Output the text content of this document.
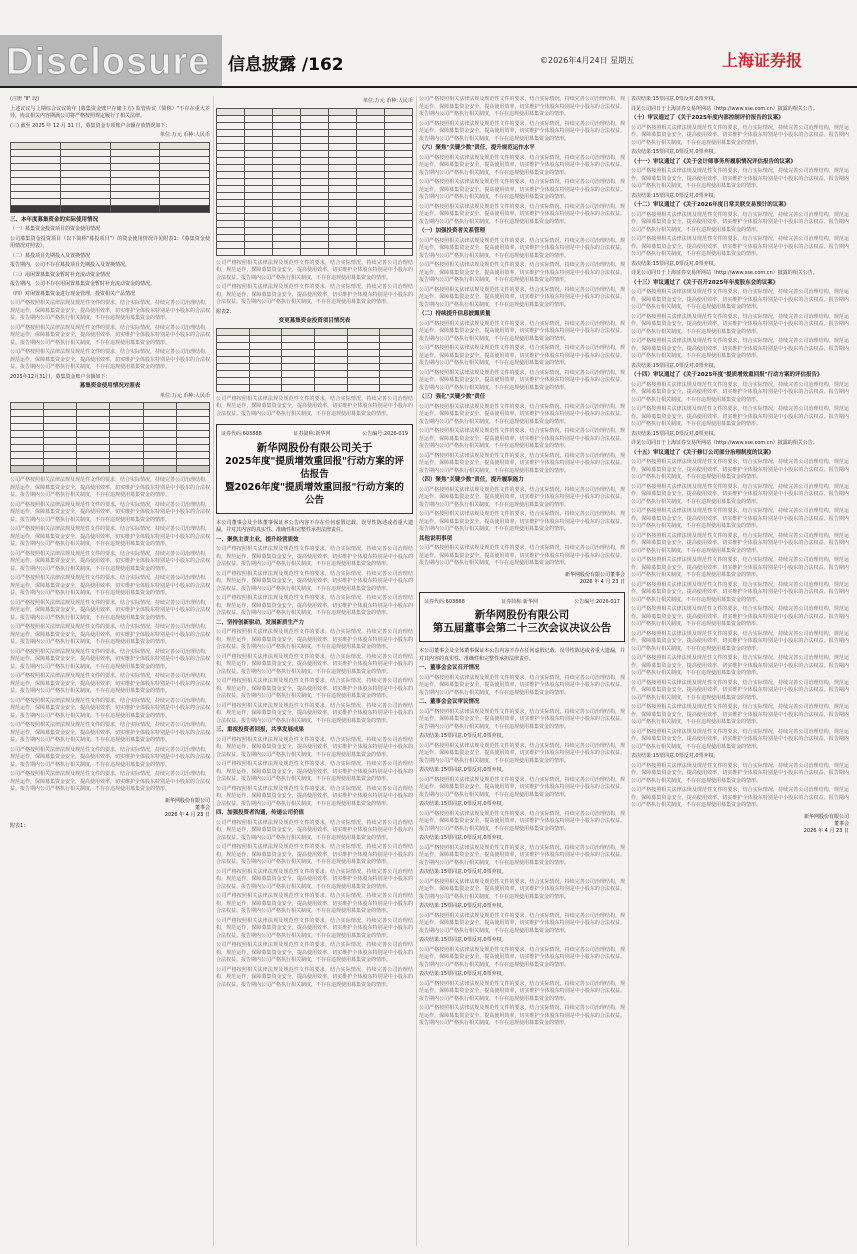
Disclosure 信息披露 /162	©2026年4月24日 星期五	上海证券报
(注册 "Ⅱ" 段)
上述议议与上期综合议议的年 (募集资金账户存储主方) 监管协议（简称）"不存在重大差异，协议相关内容期满公司将严格按照规定履行了相关法律。
(三) 截至 2025 年 12 月 31 日，募集资金专项账户余额存放情况如下:
单位:万元 币种:人民币

三、本年度募集资金的实际使用情况
（一）募集资金投资项目的资金使用情况
公司募集资金投资项目（以下简称"募投项目"）的资金使用情况详见附表1：《募集资金使用情况对照表》。
（二）募投项目先期投入及置换情况
报告期内，公司不存在募投项目先期投入及置换情况。
（三）用闲置募集资金暂时补充流动资金情况
报告期内，公司不存在用闲置募集资金暂时补充流动资金的情况。
（四）对闲置募集资金进行现金管理，投资相关产品情况
公司严格按照相关法律法规及规范性文件的要求，结合实际情况，持续完善公司治理结构，规范运作，保障募集资金安全，提高使用效率，切实维护全体股东特别是中小股东的合法权益。报告期内公司严格执行相关制度，不存在违规使用募集资金的情形。
公司严格按照相关法律法规及规范性文件的要求，结合实际情况，持续完善公司治理结构，规范运作，保障募集资金安全，提高使用效率，切实维护全体股东特别是中小股东的合法权益。报告期内公司严格执行相关制度，不存在违规使用募集资金的情形。
公司严格按照相关法律法规及规范性文件的要求，结合实际情况，持续完善公司治理结构，规范运作，保障募集资金安全，提高使用效率，切实维护全体股东特别是中小股东的合法权益。报告期内公司严格执行相关制度，不存在违规使用募集资金的情形。
2025年12月31日，募集资金账户余额如下：
募集资金使用情况对照表
单位:万元 币种:人民币

公司严格按照相关法律法规及规范性文件的要求，结合实际情况，持续完善公司治理结构，规范运作，保障募集资金安全，提高使用效率，切实维护全体股东特别是中小股东的合法权益。报告期内公司严格执行相关制度，不存在违规使用募集资金的情形。
公司严格按照相关法律法规及规范性文件的要求，结合实际情况，持续完善公司治理结构，规范运作，保障募集资金安全，提高使用效率，切实维护全体股东特别是中小股东的合法权益。报告期内公司严格执行相关制度，不存在违规使用募集资金的情形。
公司严格按照相关法律法规及规范性文件的要求，结合实际情况，持续完善公司治理结构，规范运作，保障募集资金安全，提高使用效率，切实维护全体股东特别是中小股东的合法权益。报告期内公司严格执行相关制度，不存在违规使用募集资金的情形。
公司严格按照相关法律法规及规范性文件的要求，结合实际情况，持续完善公司治理结构，规范运作，保障募集资金安全，提高使用效率，切实维护全体股东特别是中小股东的合法权益。报告期内公司严格执行相关制度，不存在违规使用募集资金的情形。
公司严格按照相关法律法规及规范性文件的要求，结合实际情况，持续完善公司治理结构，规范运作，保障募集资金安全，提高使用效率，切实维护全体股东特别是中小股东的合法权益。报告期内公司严格执行相关制度，不存在违规使用募集资金的情形。
公司严格按照相关法律法规及规范性文件的要求，结合实际情况，持续完善公司治理结构，规范运作，保障募集资金安全，提高使用效率，切实维护全体股东特别是中小股东的合法权益。报告期内公司严格执行相关制度，不存在违规使用募集资金的情形。
公司严格按照相关法律法规及规范性文件的要求，结合实际情况，持续完善公司治理结构，规范运作，保障募集资金安全，提高使用效率，切实维护全体股东特别是中小股东的合法权益。报告期内公司严格执行相关制度，不存在违规使用募集资金的情形。
公司严格按照相关法律法规及规范性文件的要求，结合实际情况，持续完善公司治理结构，规范运作，保障募集资金安全，提高使用效率，切实维护全体股东特别是中小股东的合法权益。报告期内公司严格执行相关制度，不存在违规使用募集资金的情形。
公司严格按照相关法律法规及规范性文件的要求，结合实际情况，持续完善公司治理结构，规范运作，保障募集资金安全，提高使用效率，切实维护全体股东特别是中小股东的合法权益。报告期内公司严格执行相关制度，不存在违规使用募集资金的情形。
公司严格按照相关法律法规及规范性文件的要求，结合实际情况，持续完善公司治理结构，规范运作，保障募集资金安全，提高使用效率，切实维护全体股东特别是中小股东的合法权益。报告期内公司严格执行相关制度，不存在违规使用募集资金的情形。
公司严格按照相关法律法规及规范性文件的要求，结合实际情况，持续完善公司治理结构，规范运作，保障募集资金安全，提高使用效率，切实维护全体股东特别是中小股东的合法权益。报告期内公司严格执行相关制度，不存在违规使用募集资金的情形。
公司严格按照相关法律法规及规范性文件的要求，结合实际情况，持续完善公司治理结构，规范运作，保障募集资金安全，提高使用效率，切实维护全体股东特别是中小股东的合法权益。报告期内公司严格执行相关制度，不存在违规使用募集资金的情形。
公司严格按照相关法律法规及规范性文件的要求，结合实际情况，持续完善公司治理结构，规范运作，保障募集资金安全，提高使用效率，切实维护全体股东特别是中小股东的合法权益。报告期内公司严格执行相关制度，不存在违规使用募集资金的情形。
新华网股份有限公司
董事会
2026 年 4 月 23 日
附表1：
单位:万元 币种:人民币

公司严格按照相关法律法规及规范性文件的要求，结合实际情况，持续完善公司治理结构，规范运作，保障募集资金安全，提高使用效率，切实维护全体股东特别是中小股东的合法权益。报告期内公司严格执行相关制度，不存在违规使用募集资金的情形。
公司严格按照相关法律法规及规范性文件的要求，结合实际情况，持续完善公司治理结构，规范运作，保障募集资金安全，提高使用效率，切实维护全体股东特别是中小股东的合法权益。报告期内公司严格执行相关制度，不存在违规使用募集资金的情形。
附表2：
变更募集资金投资项目情况表

公司严格按照相关法律法规及规范性文件的要求，结合实际情况，持续完善公司治理结构，规范运作，保障募集资金安全，提高使用效率，切实维护全体股东特别是中小股东的合法权益。报告期内公司严格执行相关制度，不存在违规使用募集资金的情形。
证券代码:603888	证券简称:新华网	公告编号:2026-019
新华网股份有限公司关于
2025年度"提质增效重回报"行动方案的评估报告
暨2026年度"提质增效重回报"行动方案的公告
本公司董事会及全体董事保证本公告内容不存在任何虚假记载、误导性陈述或者重大遗漏，并对其内容的真实性、准确性和完整性承担法律责任。
一、聚焦主责主业，提升经营质效
公司严格按照相关法律法规及规范性文件的要求，结合实际情况，持续完善公司治理结构，规范运作，保障募集资金安全，提高使用效率，切实维护全体股东特别是中小股东的合法权益。报告期内公司严格执行相关制度，不存在违规使用募集资金的情形。
公司严格按照相关法律法规及规范性文件的要求，结合实际情况，持续完善公司治理结构，规范运作，保障募集资金安全，提高使用效率，切实维护全体股东特别是中小股东的合法权益。报告期内公司严格执行相关制度，不存在违规使用募集资金的情形。
公司严格按照相关法律法规及规范性文件的要求，结合实际情况，持续完善公司治理结构，规范运作，保障募集资金安全，提高使用效率，切实维护全体股东特别是中小股东的合法权益。报告期内公司严格执行相关制度，不存在违规使用募集资金的情形。
二、坚持创新驱动，发展新质生产力
公司严格按照相关法律法规及规范性文件的要求，结合实际情况，持续完善公司治理结构，规范运作，保障募集资金安全，提高使用效率，切实维护全体股东特别是中小股东的合法权益。报告期内公司严格执行相关制度，不存在违规使用募集资金的情形。
公司严格按照相关法律法规及规范性文件的要求，结合实际情况，持续完善公司治理结构，规范运作，保障募集资金安全，提高使用效率，切实维护全体股东特别是中小股东的合法权益。报告期内公司严格执行相关制度，不存在违规使用募集资金的情形。
公司严格按照相关法律法规及规范性文件的要求，结合实际情况，持续完善公司治理结构，规范运作，保障募集资金安全，提高使用效率，切实维护全体股东特别是中小股东的合法权益。报告期内公司严格执行相关制度，不存在违规使用募集资金的情形。
公司严格按照相关法律法规及规范性文件的要求，结合实际情况，持续完善公司治理结构，规范运作，保障募集资金安全，提高使用效率，切实维护全体股东特别是中小股东的合法权益。报告期内公司严格执行相关制度，不存在违规使用募集资金的情形。
三、重视投资者回报，共享发展成果
公司严格按照相关法律法规及规范性文件的要求，结合实际情况，持续完善公司治理结构，规范运作，保障募集资金安全，提高使用效率，切实维护全体股东特别是中小股东的合法权益。报告期内公司严格执行相关制度，不存在违规使用募集资金的情形。
公司严格按照相关法律法规及规范性文件的要求，结合实际情况，持续完善公司治理结构，规范运作，保障募集资金安全，提高使用效率，切实维护全体股东特别是中小股东的合法权益。报告期内公司严格执行相关制度，不存在违规使用募集资金的情形。
公司严格按照相关法律法规及规范性文件的要求，结合实际情况，持续完善公司治理结构，规范运作，保障募集资金安全，提高使用效率，切实维护全体股东特别是中小股东的合法权益。报告期内公司严格执行相关制度，不存在违规使用募集资金的情形。
四、加强投资者沟通，传递公司价值
公司严格按照相关法律法规及规范性文件的要求，结合实际情况，持续完善公司治理结构，规范运作，保障募集资金安全，提高使用效率，切实维护全体股东特别是中小股东的合法权益。报告期内公司严格执行相关制度，不存在违规使用募集资金的情形。
公司严格按照相关法律法规及规范性文件的要求，结合实际情况，持续完善公司治理结构，规范运作，保障募集资金安全，提高使用效率，切实维护全体股东特别是中小股东的合法权益。报告期内公司严格执行相关制度，不存在违规使用募集资金的情形。
公司严格按照相关法律法规及规范性文件的要求，结合实际情况，持续完善公司治理结构，规范运作，保障募集资金安全，提高使用效率，切实维护全体股东特别是中小股东的合法权益。报告期内公司严格执行相关制度，不存在违规使用募集资金的情形。
公司严格按照相关法律法规及规范性文件的要求，结合实际情况，持续完善公司治理结构，规范运作，保障募集资金安全，提高使用效率，切实维护全体股东特别是中小股东的合法权益。报告期内公司严格执行相关制度，不存在违规使用募集资金的情形。
公司严格按照相关法律法规及规范性文件的要求，结合实际情况，持续完善公司治理结构，规范运作，保障募集资金安全，提高使用效率，切实维护全体股东特别是中小股东的合法权益。报告期内公司严格执行相关制度，不存在违规使用募集资金的情形。
公司严格按照相关法律法规及规范性文件的要求，结合实际情况，持续完善公司治理结构，规范运作，保障募集资金安全，提高使用效率，切实维护全体股东特别是中小股东的合法权益。报告期内公司严格执行相关制度，不存在违规使用募集资金的情形。
公司严格按照相关法律法规及规范性文件的要求，结合实际情况，持续完善公司治理结构，规范运作，保障募集资金安全，提高使用效率，切实维护全体股东特别是中小股东的合法权益。报告期内公司严格执行相关制度，不存在违规使用募集资金的情形。
公司严格按照相关法律法规及规范性文件的要求，结合实际情况，持续完善公司治理结构，规范运作，保障募集资金安全，提高使用效率，切实维护全体股东特别是中小股东的合法权益。报告期内公司严格执行相关制度，不存在违规使用募集资金的情形。
公司严格按照相关法律法规及规范性文件的要求，结合实际情况，持续完善公司治理结构，规范运作，保障募集资金安全，提高使用效率，切实维护全体股东特别是中小股东的合法权益。报告期内公司严格执行相关制度，不存在违规使用募集资金的情形。
（六）聚焦"关键少数"责任，提升规范运作水平
公司严格按照相关法律法规及规范性文件的要求，结合实际情况，持续完善公司治理结构，规范运作，保障募集资金安全，提高使用效率，切实维护全体股东特别是中小股东的合法权益。报告期内公司严格执行相关制度，不存在违规使用募集资金的情形。
公司严格按照相关法律法规及规范性文件的要求，结合实际情况，持续完善公司治理结构，规范运作，保障募集资金安全，提高使用效率，切实维护全体股东特别是中小股东的合法权益。报告期内公司严格执行相关制度，不存在违规使用募集资金的情形。
公司严格按照相关法律法规及规范性文件的要求，结合实际情况，持续完善公司治理结构，规范运作，保障募集资金安全，提高使用效率，切实维护全体股东特别是中小股东的合法权益。报告期内公司严格执行相关制度，不存在违规使用募集资金的情形。
（一）加强投资者关系管理
公司严格按照相关法律法规及规范性文件的要求，结合实际情况，持续完善公司治理结构，规范运作，保障募集资金安全，提高使用效率，切实维护全体股东特别是中小股东的合法权益。报告期内公司严格执行相关制度，不存在违规使用募集资金的情形。
公司严格按照相关法律法规及规范性文件的要求，结合实际情况，持续完善公司治理结构，规范运作，保障募集资金安全，提高使用效率，切实维护全体股东特别是中小股东的合法权益。报告期内公司严格执行相关制度，不存在违规使用募集资金的情形。
公司严格按照相关法律法规及规范性文件的要求，结合实际情况，持续完善公司治理结构，规范运作，保障募集资金安全，提高使用效率，切实维护全体股东特别是中小股东的合法权益。报告期内公司严格执行相关制度，不存在违规使用募集资金的情形。
（二）持续提升信息披露质量
公司严格按照相关法律法规及规范性文件的要求，结合实际情况，持续完善公司治理结构，规范运作，保障募集资金安全，提高使用效率，切实维护全体股东特别是中小股东的合法权益。报告期内公司严格执行相关制度，不存在违规使用募集资金的情形。
公司严格按照相关法律法规及规范性文件的要求，结合实际情况，持续完善公司治理结构，规范运作，保障募集资金安全，提高使用效率，切实维护全体股东特别是中小股东的合法权益。报告期内公司严格执行相关制度，不存在违规使用募集资金的情形。
公司严格按照相关法律法规及规范性文件的要求，结合实际情况，持续完善公司治理结构，规范运作，保障募集资金安全，提高使用效率，切实维护全体股东特别是中小股东的合法权益。报告期内公司严格执行相关制度，不存在违规使用募集资金的情形。
（三）强化"关键少数"责任
公司严格按照相关法律法规及规范性文件的要求，结合实际情况，持续完善公司治理结构，规范运作，保障募集资金安全，提高使用效率，切实维护全体股东特别是中小股东的合法权益。报告期内公司严格执行相关制度，不存在违规使用募集资金的情形。
公司严格按照相关法律法规及规范性文件的要求，结合实际情况，持续完善公司治理结构，规范运作，保障募集资金安全，提高使用效率，切实维护全体股东特别是中小股东的合法权益。报告期内公司严格执行相关制度，不存在违规使用募集资金的情形。
公司严格按照相关法律法规及规范性文件的要求，结合实际情况，持续完善公司治理结构，规范运作，保障募集资金安全，提高使用效率，切实维护全体股东特别是中小股东的合法权益。报告期内公司严格执行相关制度，不存在违规使用募集资金的情形。
（四）聚焦"关键少数"责任，提升履职能力
公司严格按照相关法律法规及规范性文件的要求，结合实际情况，持续完善公司治理结构，规范运作，保障募集资金安全，提高使用效率，切实维护全体股东特别是中小股东的合法权益。报告期内公司严格执行相关制度，不存在违规使用募集资金的情形。
公司严格按照相关法律法规及规范性文件的要求，结合实际情况，持续完善公司治理结构，规范运作，保障募集资金安全，提高使用效率，切实维护全体股东特别是中小股东的合法权益。报告期内公司严格执行相关制度，不存在违规使用募集资金的情形。
其他说明事项
公司严格按照相关法律法规及规范性文件的要求，结合实际情况，持续完善公司治理结构，规范运作，保障募集资金安全，提高使用效率，切实维护全体股东特别是中小股东的合法权益。报告期内公司严格执行相关制度，不存在违规使用募集资金的情形。
新华网股份有限公司董事会
2026 年 4 月 23 日
证券代码:603888	证券简称:新华网	公告编号:2026-017
新华网股份有限公司
第五届董事会第二十三次会议决议公告
本公司董事会及全体董事保证本公告内容不存在任何虚假记载、误导性陈述或者重大遗漏，并对其内容的真实性、准确性和完整性承担法律责任。
一、董事会会议召开情况
公司严格按照相关法律法规及规范性文件的要求，结合实际情况，持续完善公司治理结构，规范运作，保障募集资金安全，提高使用效率，切实维护全体股东特别是中小股东的合法权益。报告期内公司严格执行相关制度，不存在违规使用募集资金的情形。
二、董事会会议审议情况
公司严格按照相关法律法规及规范性文件的要求，结合实际情况，持续完善公司治理结构，规范运作，保障募集资金安全，提高使用效率，切实维护全体股东特别是中小股东的合法权益。报告期内公司严格执行相关制度，不存在违规使用募集资金的情形。
表决结果:15票同意,0票反对,0票弃权。
公司严格按照相关法律法规及规范性文件的要求，结合实际情况，持续完善公司治理结构，规范运作，保障募集资金安全，提高使用效率，切实维护全体股东特别是中小股东的合法权益。报告期内公司严格执行相关制度，不存在违规使用募集资金的情形。
表决结果:15票同意,0票反对,0票弃权。
公司严格按照相关法律法规及规范性文件的要求，结合实际情况，持续完善公司治理结构，规范运作，保障募集资金安全，提高使用效率，切实维护全体股东特别是中小股东的合法权益。报告期内公司严格执行相关制度，不存在违规使用募集资金的情形。
表决结果:15票同意,0票反对,0票弃权。
公司严格按照相关法律法规及规范性文件的要求，结合实际情况，持续完善公司治理结构，规范运作，保障募集资金安全，提高使用效率，切实维护全体股东特别是中小股东的合法权益。报告期内公司严格执行相关制度，不存在违规使用募集资金的情形。
表决结果:15票同意,0票反对,0票弃权。
公司严格按照相关法律法规及规范性文件的要求，结合实际情况，持续完善公司治理结构，规范运作，保障募集资金安全，提高使用效率，切实维护全体股东特别是中小股东的合法权益。报告期内公司严格执行相关制度，不存在违规使用募集资金的情形。
表决结果:15票同意,0票反对,0票弃权。
公司严格按照相关法律法规及规范性文件的要求，结合实际情况，持续完善公司治理结构，规范运作，保障募集资金安全，提高使用效率，切实维护全体股东特别是中小股东的合法权益。报告期内公司严格执行相关制度，不存在违规使用募集资金的情形。
表决结果:15票同意,0票反对,0票弃权。
公司严格按照相关法律法规及规范性文件的要求，结合实际情况，持续完善公司治理结构，规范运作，保障募集资金安全，提高使用效率，切实维护全体股东特别是中小股东的合法权益。报告期内公司严格执行相关制度，不存在违规使用募集资金的情形。
表决结果:15票同意,0票反对,0票弃权。
公司严格按照相关法律法规及规范性文件的要求，结合实际情况，持续完善公司治理结构，规范运作，保障募集资金安全，提高使用效率，切实维护全体股东特别是中小股东的合法权益。报告期内公司严格执行相关制度，不存在违规使用募集资金的情形。
表决结果:15票同意,0票反对,0票弃权。
公司严格按照相关法律法规及规范性文件的要求，结合实际情况，持续完善公司治理结构，规范运作，保障募集资金安全，提高使用效率，切实维护全体股东特别是中小股东的合法权益。报告期内公司严格执行相关制度，不存在违规使用募集资金的情形。
公司严格按照相关法律法规及规范性文件的要求，结合实际情况，持续完善公司治理结构，规范运作，保障募集资金安全，提高使用效率，切实维护全体股东特别是中小股东的合法权益。报告期内公司严格执行相关制度，不存在违规使用募集资金的情形。
表决结果:15票同意,0票反对,0票弃权。
详见公司同日于上海证券交易所网站（http://www.sse.com.cn）披露的相关公告。
（十）审议通过了《关于2025年度内部控制评价报告的议案》
公司严格按照相关法律法规及规范性文件的要求，结合实际情况，持续完善公司治理结构，规范运作，保障募集资金安全，提高使用效率，切实维护全体股东特别是中小股东的合法权益。报告期内公司严格执行相关制度，不存在违规使用募集资金的情形。
表决结果:15票同意,0票反对,0票弃权。
（十一）审议通过了《关于会计师事务所履职情况评估报告的议案》
公司严格按照相关法律法规及规范性文件的要求，结合实际情况，持续完善公司治理结构，规范运作，保障募集资金安全，提高使用效率，切实维护全体股东特别是中小股东的合法权益。报告期内公司严格执行相关制度，不存在违规使用募集资金的情形。
表决结果:15票同意,0票反对,0票弃权。
（十二）审议通过了《关于2026年度日常关联交易预计的议案》
公司严格按照相关法律法规及规范性文件的要求，结合实际情况，持续完善公司治理结构，规范运作，保障募集资金安全，提高使用效率，切实维护全体股东特别是中小股东的合法权益。报告期内公司严格执行相关制度，不存在违规使用募集资金的情形。
公司严格按照相关法律法规及规范性文件的要求，结合实际情况，持续完善公司治理结构，规范运作，保障募集资金安全，提高使用效率，切实维护全体股东特别是中小股东的合法权益。报告期内公司严格执行相关制度，不存在违规使用募集资金的情形。
表决结果:15票同意,0票反对,0票弃权。
详见公司同日于上海证券交易所网站（http://www.sse.com.cn）披露的相关公告。
（十三）审议通过了《关于召开2025年年度股东会的议案》
公司严格按照相关法律法规及规范性文件的要求，结合实际情况，持续完善公司治理结构，规范运作，保障募集资金安全，提高使用效率，切实维护全体股东特别是中小股东的合法权益。报告期内公司严格执行相关制度，不存在违规使用募集资金的情形。
公司严格按照相关法律法规及规范性文件的要求，结合实际情况，持续完善公司治理结构，规范运作，保障募集资金安全，提高使用效率，切实维护全体股东特别是中小股东的合法权益。报告期内公司严格执行相关制度，不存在违规使用募集资金的情形。
公司严格按照相关法律法规及规范性文件的要求，结合实际情况，持续完善公司治理结构，规范运作，保障募集资金安全，提高使用效率，切实维护全体股东特别是中小股东的合法权益。报告期内公司严格执行相关制度，不存在违规使用募集资金的情形。
表决结果:15票同意,0票反对,0票弃权。
（十四）审议通过了《关于2025年度"提质增效重回报"行动方案的评估报告》
公司严格按照相关法律法规及规范性文件的要求，结合实际情况，持续完善公司治理结构，规范运作，保障募集资金安全，提高使用效率，切实维护全体股东特别是中小股东的合法权益。报告期内公司严格执行相关制度，不存在违规使用募集资金的情形。
公司严格按照相关法律法规及规范性文件的要求，结合实际情况，持续完善公司治理结构，规范运作，保障募集资金安全，提高使用效率，切实维护全体股东特别是中小股东的合法权益。报告期内公司严格执行相关制度，不存在违规使用募集资金的情形。
表决结果:15票同意,0票反对,0票弃权。
详见公司同日于上海证券交易所网站（http://www.sse.com.cn）披露的相关公告。
（十五）审议通过了《关于修订公司部分治理制度的议案》
公司严格按照相关法律法规及规范性文件的要求，结合实际情况，持续完善公司治理结构，规范运作，保障募集资金安全，提高使用效率，切实维护全体股东特别是中小股东的合法权益。报告期内公司严格执行相关制度，不存在违规使用募集资金的情形。
公司严格按照相关法律法规及规范性文件的要求，结合实际情况，持续完善公司治理结构，规范运作，保障募集资金安全，提高使用效率，切实维护全体股东特别是中小股东的合法权益。报告期内公司严格执行相关制度，不存在违规使用募集资金的情形。
公司严格按照相关法律法规及规范性文件的要求，结合实际情况，持续完善公司治理结构，规范运作，保障募集资金安全，提高使用效率，切实维护全体股东特别是中小股东的合法权益。报告期内公司严格执行相关制度，不存在违规使用募集资金的情形。
公司严格按照相关法律法规及规范性文件的要求，结合实际情况，持续完善公司治理结构，规范运作，保障募集资金安全，提高使用效率，切实维护全体股东特别是中小股东的合法权益。报告期内公司严格执行相关制度，不存在违规使用募集资金的情形。
公司严格按照相关法律法规及规范性文件的要求，结合实际情况，持续完善公司治理结构，规范运作，保障募集资金安全，提高使用效率，切实维护全体股东特别是中小股东的合法权益。报告期内公司严格执行相关制度，不存在违规使用募集资金的情形。
公司严格按照相关法律法规及规范性文件的要求，结合实际情况，持续完善公司治理结构，规范运作，保障募集资金安全，提高使用效率，切实维护全体股东特别是中小股东的合法权益。报告期内公司严格执行相关制度，不存在违规使用募集资金的情形。
公司严格按照相关法律法规及规范性文件的要求，结合实际情况，持续完善公司治理结构，规范运作，保障募集资金安全，提高使用效率，切实维护全体股东特别是中小股东的合法权益。报告期内公司严格执行相关制度，不存在违规使用募集资金的情形。
公司严格按照相关法律法规及规范性文件的要求，结合实际情况，持续完善公司治理结构，规范运作，保障募集资金安全，提高使用效率，切实维护全体股东特别是中小股东的合法权益。报告期内公司严格执行相关制度，不存在违规使用募集资金的情形。
公司严格按照相关法律法规及规范性文件的要求，结合实际情况，持续完善公司治理结构，规范运作，保障募集资金安全，提高使用效率，切实维护全体股东特别是中小股东的合法权益。报告期内公司严格执行相关制度，不存在违规使用募集资金的情形。
公司严格按照相关法律法规及规范性文件的要求，结合实际情况，持续完善公司治理结构，规范运作，保障募集资金安全，提高使用效率，切实维护全体股东特别是中小股东的合法权益。报告期内公司严格执行相关制度，不存在违规使用募集资金的情形。
公司严格按照相关法律法规及规范性文件的要求，结合实际情况，持续完善公司治理结构，规范运作，保障募集资金安全，提高使用效率，切实维护全体股东特别是中小股东的合法权益。报告期内公司严格执行相关制度，不存在违规使用募集资金的情形。
公司严格按照相关法律法规及规范性文件的要求，结合实际情况，持续完善公司治理结构，规范运作，保障募集资金安全，提高使用效率，切实维护全体股东特别是中小股东的合法权益。报告期内公司严格执行相关制度，不存在违规使用募集资金的情形。
表决结果:15票同意,0票反对,0票弃权。
公司严格按照相关法律法规及规范性文件的要求，结合实际情况，持续完善公司治理结构，规范运作，保障募集资金安全，提高使用效率，切实维护全体股东特别是中小股东的合法权益。报告期内公司严格执行相关制度，不存在违规使用募集资金的情形。
公司严格按照相关法律法规及规范性文件的要求，结合实际情况，持续完善公司治理结构，规范运作，保障募集资金安全，提高使用效率，切实维护全体股东特别是中小股东的合法权益。报告期内公司严格执行相关制度，不存在违规使用募集资金的情形。
新华网股份有限公司
董事会
2026 年 4 月 23 日
